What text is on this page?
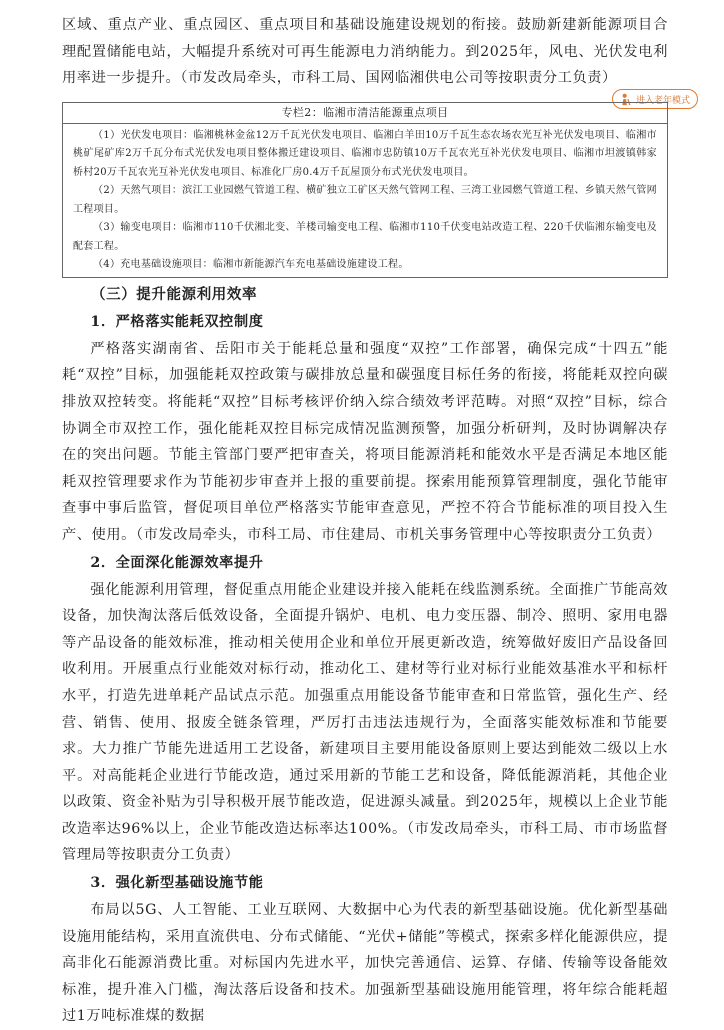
进入老年模式

区域、重点产业、重点园区、重点项目和基础设施建设规划的衔接。鼓励新建新能源项目合理配置储能电站，大幅提升系统对可再生能源电力消纳能力。到2025年，风电、光伏发电利用率进一步提升。（市发改局牵头，市科工局、国网临湘供电公司等按职责分工负责）

专栏2：临湘市清洁能源重点项目

（1）光伏发电项目：临湘桃林金盆12万千瓦光伏发电项目、临湘白羊田10万千瓦生态农场农光互补光伏发电项目、临湘市桃矿尾矿库2万千瓦分布式光伏发电项目整体搬迁建设项目、临湘市忠防镇10万千瓦农光互补光伏发电项目、临湘市坦渡镇韩家桥村20万千瓦农光互补光伏发电项目、标准化厂房0.4万千瓦屋顶分布式光伏发电项目。

（2）天然气项目：滨江工业园燃气管道工程、横矿独立工矿区天然气管网工程、三湾工业园燃气管道工程、乡镇天然气管网工程项目。

（3）输变电项目：临湘市110千伏湘北变、羊楼司输变电工程、临湘市110千伏变电站改造工程、220千伏临湘东输变电及配套工程。

（4）充电基础设施项目：临湘市新能源汽车充电基础设施建设工程。

（三）提升能源利用效率
1．严格落实能耗双控制度

严格落实湖南省、岳阳市关于能耗总量和强度“双控”工作部署，确保完成“十四五”能耗“双控”目标，加强能耗双控政策与碳排放总量和碳强度目标任务的衔接，将能耗双控向碳排放双控转变。将能耗“双控”目标考核评价纳入综合绩效考评范畴。对照“双控”目标，综合协调全市双控工作，强化能耗双控目标完成情况监测预警，加强分析研判，及时协调解决存在的突出问题。节能主管部门要严把审查关，将项目能源消耗和能效水平是否满足本地区能耗双控管理要求作为节能初步审查并上报的重要前提。探索用能预算管理制度，强化节能审查事中事后监管，督促项目单位严格落实节能审查意见，严控不符合节能标准的项目投入生产、使用。（市发改局牵头，市科工局、市住建局、市机关事务管理中心等按职责分工负责）

2．全面深化能源效率提升

强化能源利用管理，督促重点用能企业建设并接入能耗在线监测系统。全面推广节能高效设备，加快淘汰落后低效设备，全面提升锅炉、电机、电力变压器、制冷、照明、家用电器等产品设备的能效标准，推动相关使用企业和单位开展更新改造，统筹做好废旧产品设备回收利用。开展重点行业能效对标行动，推动化工、建材等行业对标行业能效基准水平和标杆水平，打造先进单耗产品试点示范。加强重点用能设备节能审查和日常监管，强化生产、经营、销售、使用、报废全链条管理，严厉打击违法违规行为，全面落实能效标准和节能要求。大力推广节能先进适用工艺设备，新建项目主要用能设备原则上要达到能效二级以上水平。对高能耗企业进行节能改造，通过采用新的节能工艺和设备，降低能源消耗，其他企业以政策、资金补贴为引导积极开展节能改造，促进源头减量。到2025年，规模以上企业节能改造率达96%以上，企业节能改造达标率达100%。（市发改局牵头，市科工局、市市场监督管理局等按职责分工负责）

3．强化新型基础设施节能

布局以5G、人工智能、工业互联网、大数据中心为代表的新型基础设施。优化新型基础设施用能结构，采用直流供电、分布式储能、“光伏+储能”等模式，探索多样化能源供应，提高非化石能源消费比重。对标国内先进水平，加快完善通信、运算、存储、传输等设备能效标准，提升准入门槛，淘汰落后设备和技术。加强新型基础设施用能管理，将年综合能耗超过1万吨标准煤的数据
